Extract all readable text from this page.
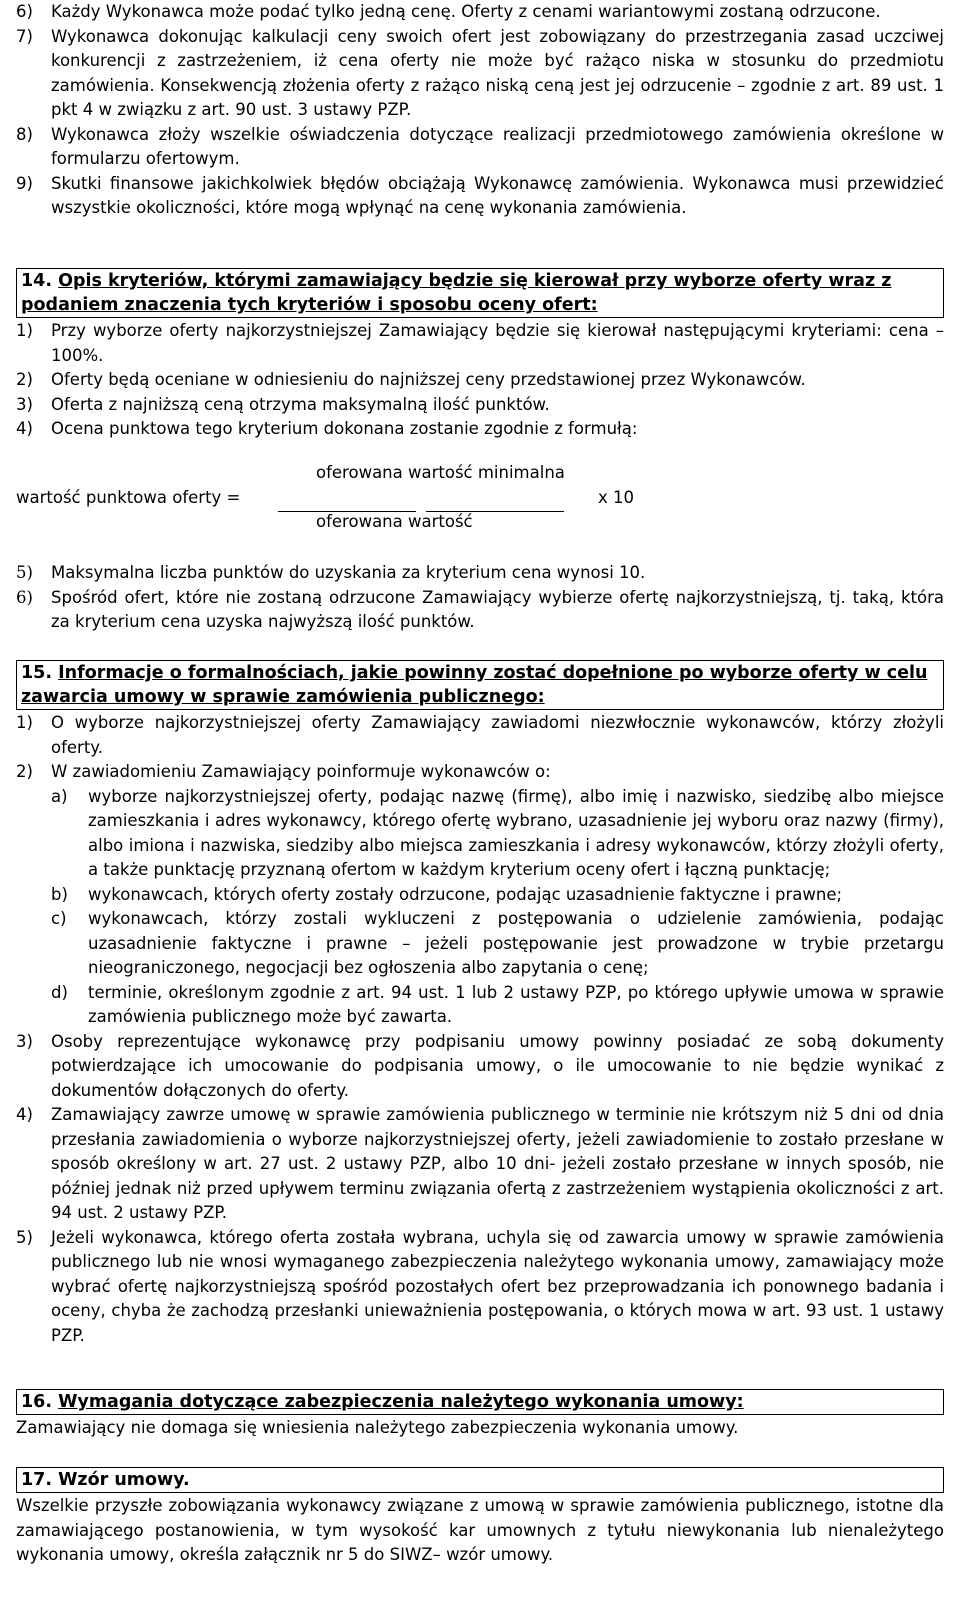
6)	Każdy Wykonawca może podać tylko jedną cenę. Oferty z cenami wariantowymi zostaną odrzucone.
7)	Wykonawca dokonując kalkulacji ceny swoich ofert jest zobowiązany do przestrzegania zasad uczciwej konkurencji z zastrzeżeniem, iż cena oferty nie może być rażąco niska w stosunku do przedmiotu zamówienia. Konsekwencją złożenia oferty z rażąco niską ceną jest jej odrzucenie – zgodnie z art. 89 ust. 1 pkt 4 w związku z art. 90 ust. 3 ustawy PZP.
8)	Wykonawca złoży wszelkie oświadczenia dotyczące realizacji przedmiotowego zamówienia określone w formularzu ofertowym.
9)	Skutki finansowe jakichkolwiek błędów obciążają Wykonawcę zamówienia. Wykonawca musi przewidzieć wszystkie okoliczności, które mogą wpłynąć na cenę wykonania zamówienia.
14. Opis kryteriów, którymi zamawiający będzie się kierował przy wyborze oferty wraz z podaniem znaczenia tych kryteriów i sposobu oceny ofert:
1)	Przy wyborze oferty najkorzystniejszej Zamawiający będzie się kierował następującymi kryteriami: cena – 100%.
2)	Oferty będą oceniane w odniesieniu do najniższej ceny przedstawionej przez Wykonawców.
3)	Oferta z najniższą ceną otrzyma maksymalną ilość punktów.
4)	Ocena punktowa tego kryterium dokonana zostanie zgodnie z formułą:
oferowana wartość minimalna
wartość punktowa oferty =	x 10
oferowana wartość
5)	Maksymalna liczba punktów do uzyskania za kryterium cena wynosi 10.
6)	Spośród ofert, które nie zostaną odrzucone Zamawiający wybierze ofertę najkorzystniejszą, tj. taką, która za kryterium cena uzyska najwyższą ilość punktów.
15. Informacje o formalnościach, jakie powinny zostać dopełnione po wyborze oferty w celu zawarcia umowy w sprawie zamówienia publicznego:
1)	O wyborze najkorzystniejszej oferty Zamawiający zawiadomi niezwłocznie wykonawców, którzy złożyli oferty.
2)	W zawiadomieniu Zamawiający poinformuje wykonawców o:
a)	wyborze najkorzystniejszej oferty, podając nazwę (firmę), albo imię i nazwisko, siedzibę albo miejsce zamieszkania i adres wykonawcy, którego ofertę wybrano, uzasadnienie jej wyboru oraz nazwy (firmy), albo imiona i nazwiska, siedziby albo miejsca zamieszkania i adresy wykonawców, którzy złożyli oferty, a także punktację przyznaną ofertom w każdym kryterium oceny ofert i łączną punktację;
b)	wykonawcach, których oferty zostały odrzucone, podając uzasadnienie faktyczne i prawne;
c)	wykonawcach, którzy zostali wykluczeni z postępowania o udzielenie zamówienia, podając uzasadnienie faktyczne i prawne – jeżeli postępowanie jest prowadzone w trybie przetargu nieograniczonego, negocjacji bez ogłoszenia albo zapytania o cenę;
d)	terminie, określonym zgodnie z art. 94 ust. 1 lub 2 ustawy PZP, po którego upływie umowa w sprawie zamówienia publicznego może być zawarta.
3)	Osoby reprezentujące wykonawcę przy podpisaniu umowy powinny posiadać ze sobą dokumenty potwierdzające ich umocowanie do podpisania umowy, o ile umocowanie to nie będzie wynikać z dokumentów dołączonych do oferty.
4)	Zamawiający zawrze umowę w sprawie zamówienia publicznego w terminie nie krótszym niż 5 dni od dnia przesłania zawiadomienia o wyborze najkorzystniejszej oferty, jeżeli zawiadomienie to zostało przesłane w sposób określony w art. 27 ust. 2 ustawy PZP, albo 10 dni- jeżeli zostało przesłane w innych sposób, nie później jednak niż przed upływem terminu związania ofertą z zastrzeżeniem wystąpienia okoliczności z art. 94 ust. 2 ustawy PZP.
5)	Jeżeli wykonawca, którego oferta została wybrana, uchyla się od zawarcia umowy w sprawie zamówienia publicznego lub nie wnosi wymaganego zabezpieczenia należytego wykonania umowy, zamawiający może wybrać ofertę najkorzystniejszą spośród pozostałych ofert bez przeprowadzania ich ponownego badania i oceny, chyba że zachodzą przesłanki unieważnienia postępowania, o których mowa w art. 93 ust. 1 ustawy PZP.
16. Wymagania dotyczące zabezpieczenia należytego wykonania umowy:

Zamawiający nie domaga się wniesienia należytego zabezpieczenia wykonania umowy.

17. Wzór umowy.

Wszelkie przyszłe zobowiązania wykonawcy związane z umową w sprawie zamówienia publicznego, istotne dla zamawiającego postanowienia, w tym wysokość kar umownych z tytułu niewykonania lub nienależytego wykonania umowy, określa załącznik nr 5 do SIWZ– wzór umowy.
